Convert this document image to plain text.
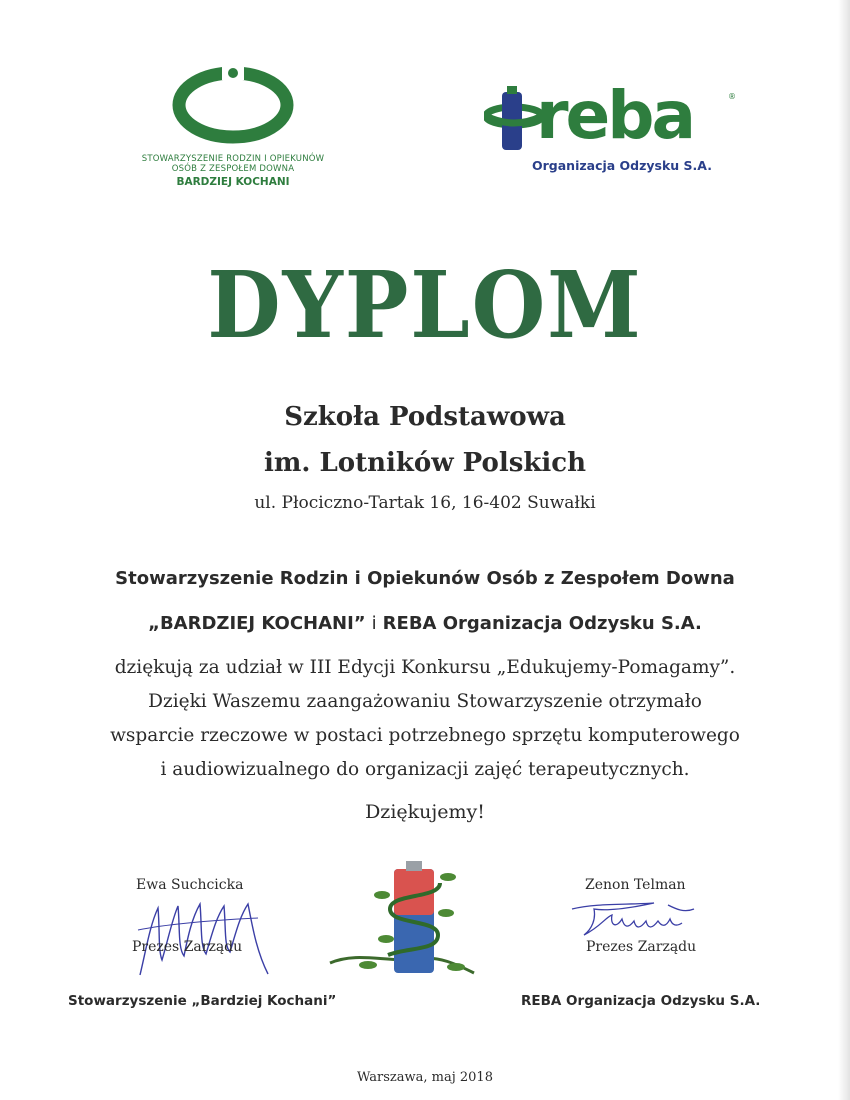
STOWARZYSZENIE RODZIN I OPIEKUNÓW
OSÓB Z ZESPOŁEM DOWNA
BARDZIEJ KOCHANI
reba	®
Organizacja Odzysku S.A.
DYPLOM
Szkoła Podstawowa
im. Lotników Polskich
ul. Płociczno-Tartak 16, 16-402 Suwałki
Stowarzyszenie Rodzin i Opiekunów Osób z Zespołem Downa
„BARDZIEJ KOCHANI” i REBA Organizacja Odzysku S.A.
dziękują za udział w III Edycji Konkursu „Edukujemy-Pomagamy”.
Dzięki Waszemu zaangażowaniu Stowarzyszenie otrzymało
wsparcie rzeczowe w postaci potrzebnego sprzętu komputerowego
i audiowizualnego do organizacji zajęć terapeutycznych.
Dziękujemy!
Ewa Suchcicka
Prezes Zarządu
Stowarzyszenie „Bardziej Kochani”
Zenon Telman
Prezes Zarządu
REBA Organizacja Odzysku S.A.
Warszawa, maj 2018
